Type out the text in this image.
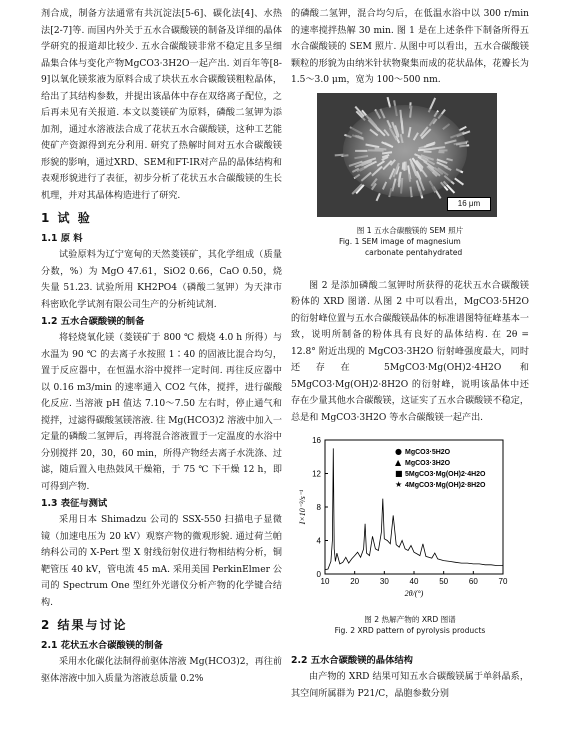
剂合成，制备方法通常有共沉淀法[5-6]、碳化法[4]、水热法[2-7]等. 而国内外关于五水合碳酸镁的制备及详细的晶体学研究的报道却比较少. 五水合碳酸镁非常不稳定且多呈细晶集合体与变化产物MgCO3·3H2O一起产出. 刘百年等[8-9]以氧化镁浆液为原料合成了块状五水合碳酸镁粗粒晶体，给出了其结构参数，并提出该晶体中存在双络离子配位，之后再未见有关报道. 本文以菱镁矿为原料，磷酸二氢钾为添加剂，通过水溶液法合成了花状五水合碳酸镁，这种工艺能使矿产资源得到充分利用. 研究了热解时间对五水合碳酸镁形貌的影响，通过XRD、SEM和FT-IR对产品的晶体结构和表观形貌进行了表征，初步分析了花状五水合碳酸镁的生长机理，并对其晶体构造进行了研究.

1 试 验
1.1 原 料

试验原料为辽宁宽甸的天然菱镁矿，其化学组成（质量分数，%）为 MgO 47.61，SiO2 0.66，CaO 0.50，烧失量 51.23. 试验所用 KH2PO4（磷酸二氢钾）为天津市科密欧化学试剂有限公司生产的分析纯试剂.

1.2 五水合碳酸镁的制备

将轻烧氧化镁（菱镁矿于 800 ℃ 煅烧 4.0 h 所得）与水温为 90 ℃ 的去离子水按照 1∶40 的固液比混合均匀，置于反应器中，在恒温水浴中搅拌一定时间. 再往反应器中以 0.16 m3/min 的速率通入 CO2 气体，搅拌，进行碳酸化反应. 当溶液 pH 值达 7.10～7.50 左右时，停止通气和搅拌，过滤得碳酸氢镁溶液. 往 Mg(HCO3)2 溶液中加入一定量的磷酸二氢钾后，再将混合溶液置于一定温度的水浴中分别搅拌 20，30，60 min，所得产物经去离子水洗涤、过滤，随后置入电热鼓风干燥箱，于 75 ℃ 下干燥 12 h，即可得到产物.

1.3 表征与测试

采用日本 Shimadzu 公司的 SSX-550 扫描电子显微镜（加速电压为 20 kV）观察产物的微观形貌. 通过荷兰帕纳科公司的 X-Pert 型 X 射线衍射仪进行物相结构分析，铜靶管压 40 kV，管电流 45 mA. 采用美国 PerkinElmer 公司的 Spectrum One 型红外光谱仪分析产物的化学键合结构.

2 结果与讨论
2.1 花状五水合碳酸镁的制备

采用水化碳化法制得前驱体溶液 Mg(HCO3)2，再往前驱体溶液中加入质量为溶液总质量 0.2%

的磷酸二氢钾，混合均匀后，在低温水浴中以 300 r/min 的速率搅拌热解 30 min. 图 1 是在上述条件下制备所得五水合碳酸镁的 SEM 照片. 从图中可以看出，五水合碳酸镁颗粒的形貌为由纳米针状物聚集而成的花状晶体，花瓣长为 1.5～3.0 μm，宽为 100～500 nm.

16 μm
图 1 五水合碳酸镁的 SEM 照片
Fig. 1 SEM image of magnesium
carbonate pentahydrated

图 2 是添加磷酸二氢钾时所获得的花状五水合碳酸镁粉体的 XRD 图谱. 从图 2 中可以看出，MgCO3·5H2O 的衍射峰位置与五水合碳酸镁晶体的标准谱图特征峰基本一致，说明所制备的粉体具有良好的晶体结构. 在 2θ = 12.8° 附近出现的 MgCO3·3H2O 衍射峰强度最大，同时还存在 5MgCO3·Mg(OH)2·4H2O 和 5MgCO3·Mg(OH)2·8H2O 的衍射峰，说明该晶体中还存在少量其他水合碳酸镁，这证实了五水合碳酸镁不稳定，总是和 MgCO3·3H2O 等水合碳酸镁一起产出.

10	20	30	40	50	60	70
0
4
8
12
16
2θ/(°)
I×10⁻³/s⁻¹
● MgCO3·5H2O
▲ MgCO3·3H2O
■ 5MgCO3·Mg(OH)2·4H2O
★ 4MgCO3·Mg(OH)2·8H2O
图 2 热解产物的 XRD 图谱
Fig. 2 XRD pattern of pyrolysis products
2.2 五水合碳酸镁的晶体结构

由产物的 XRD 结果可知五水合碳酸镁属于单斜晶系，其空间所属群为 P21/C，晶胞参数分别
